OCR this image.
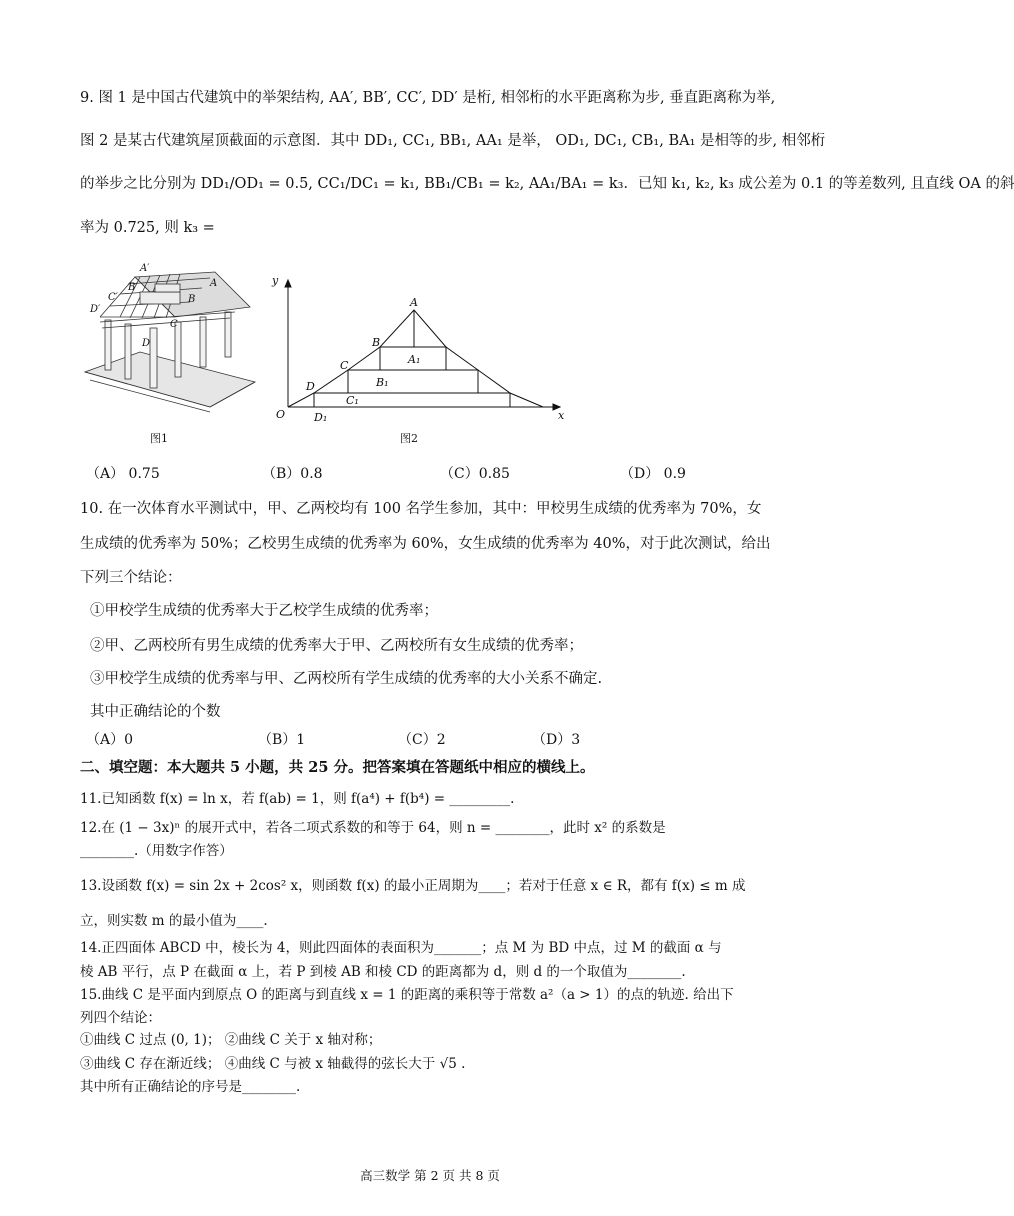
9. 图 1 是中国古代建筑中的举架结构, AA′, BB′, CC′, DD′ 是桁, 相邻桁的水平距离称为步, 垂直距离称为举,
图 2 是某古代建筑屋顶截面的示意图．其中 DD₁, CC₁, BB₁, AA₁ 是举， OD₁, DC₁, CB₁, BA₁ 是相等的步, 相邻桁
的举步之比分别为 DD₁/OD₁ = 0.5, CC₁/DC₁ = k₁, BB₁/CB₁ = k₂, AA₁/BA₁ = k₃．已知 k₁, k₂, k₃ 成公差为 0.1 的等差数列, 且直线 OA 的斜
率为 0.725, 则 k₃ =
A′
B′	A
C′	B
D′
C
D
图1
y
x
O
A
B
C
D
A₁
B₁
C₁
D₁
图2
（A） 0.75	（B）0.8	（C）0.85	（D） 0.9
10. 在一次体育水平测试中，甲、乙两校均有 100 名学生参加，其中：甲校男生成绩的优秀率为 70%，女
生成绩的优秀率为 50%；乙校男生成绩的优秀率为 60%，女生成绩的优秀率为 40%，对于此次测试，给出
下列三个结论：
①甲校学生成绩的优秀率大于乙校学生成绩的优秀率；
②甲、乙两校所有男生成绩的优秀率大于甲、乙两校所有女生成绩的优秀率；
③甲校学生成绩的优秀率与甲、乙两校所有学生成绩的优秀率的大小关系不确定.
其中正确结论的个数
（A）0	（B）1	（C）2	（D）3
二、填空题：本大题共 5 小题，共 25 分。把答案填在答题纸中相应的横线上。
11.已知函数 f(x) = ln x，若 f(ab) = 1，则 f(a⁴) + f(b⁴) = _________.
12.在 (1 − 3x)ⁿ 的展开式中，若各二项式系数的和等于 64，则 n = ________，此时 x² 的系数是
________.（用数字作答）
13.设函数 f(x) = sin 2x + 2cos² x，则函数 f(x) 的最小正周期为____；若对于任意 x ∈ R，都有 f(x) ≤ m 成
立，则实数 m 的最小值为____.
14.正四面体 ABCD 中，棱长为 4，则此四面体的表面积为_______；点 M 为 BD 中点，过 M 的截面 α 与
棱 AB 平行，点 P 在截面 α 上，若 P 到棱 AB 和棱 CD 的距离都为 d，则 d 的一个取值为________.
15.曲线 C 是平面内到原点 O 的距离与到直线 x = 1 的距离的乘积等于常数 a²（a > 1）的点的轨迹. 给出下
列四个结论：
①曲线 C 过点 (0, 1)； ②曲线 C 关于 x 轴对称；
③曲线 C 存在渐近线； ④曲线 C 与被 x 轴截得的弦长大于 √5 .
其中所有正确结论的序号是________.
高三数学 第 2 页 共 8 页
